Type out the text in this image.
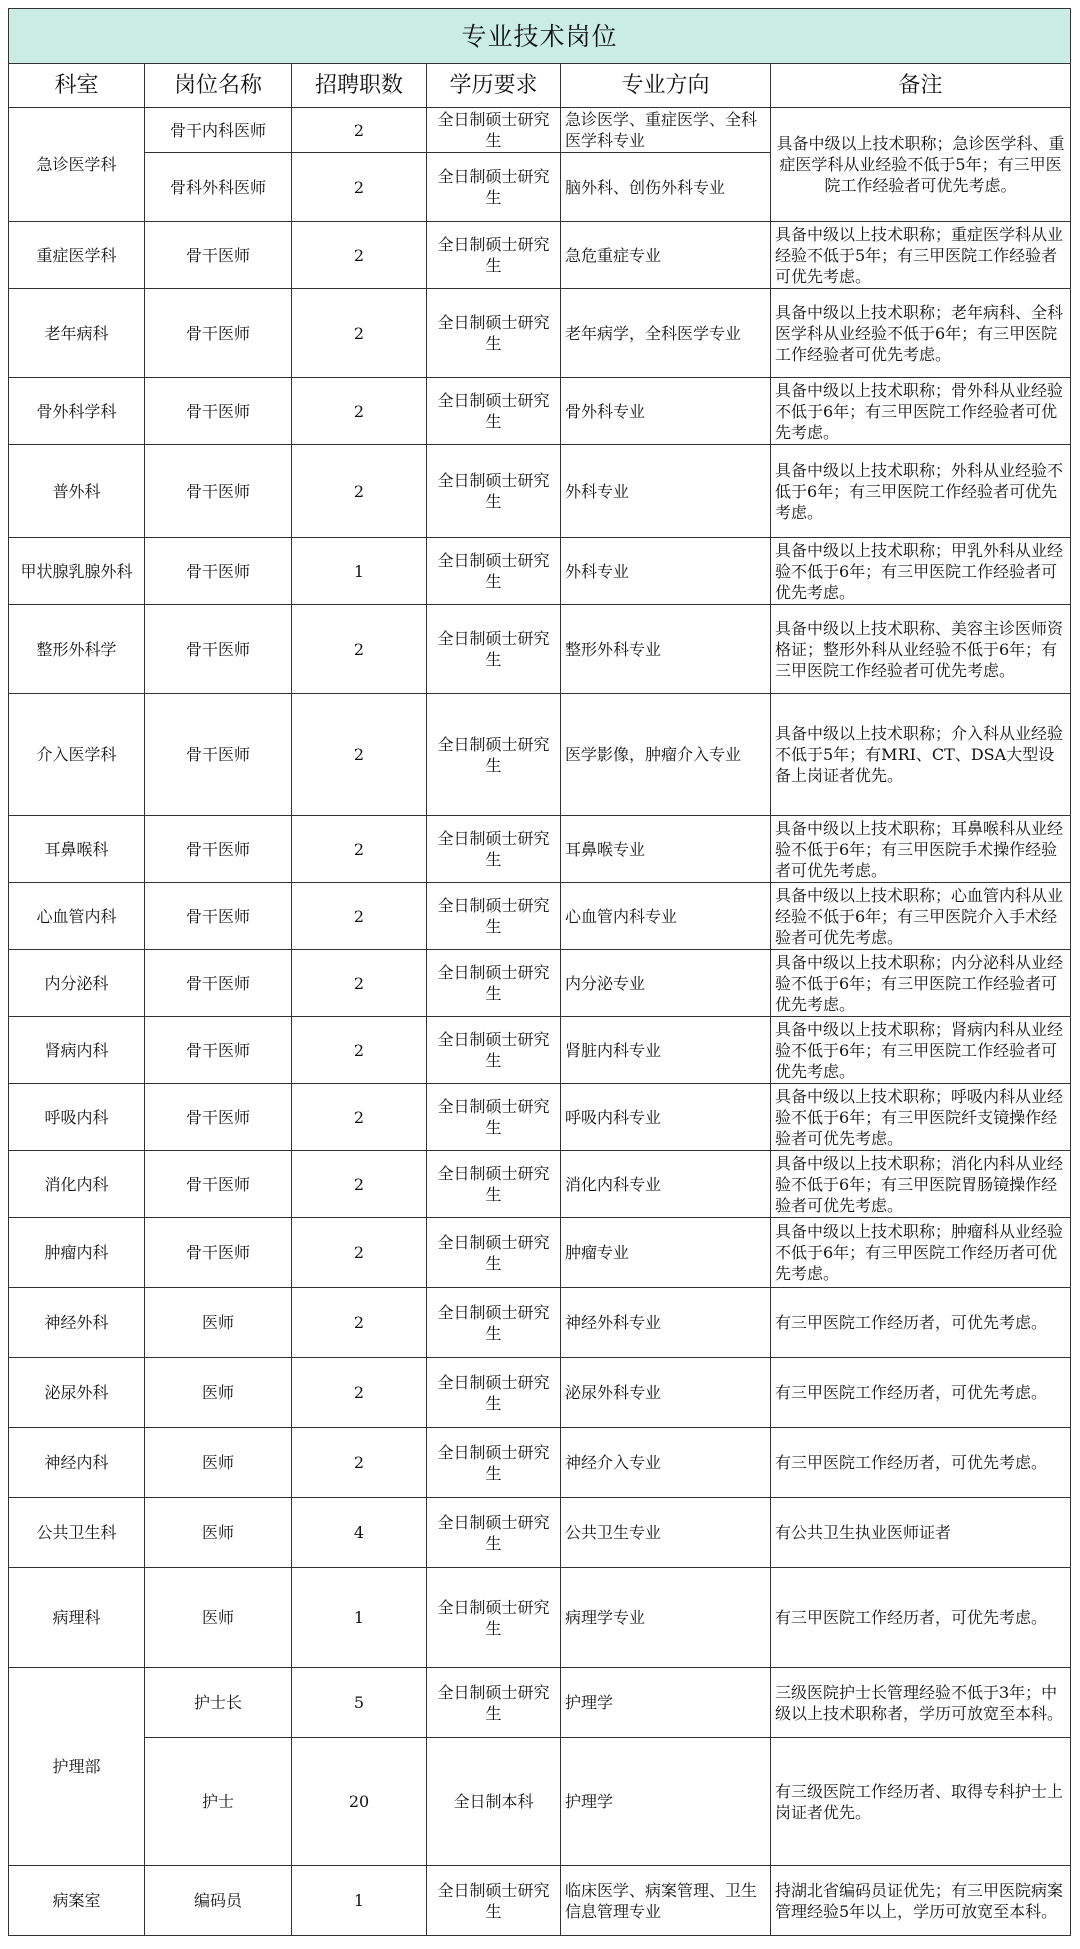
专业技术岗位					
科室	岗位名称	招聘职数	学历要求	专业方向	备注
急诊医学科	骨干内科医师	2	全日制硕士研究生	急诊医学、重症医学、全科医学科专业	具备中级以上技术职称；急诊医学科、重症医学科从业经验不低于5年；有三甲医院工作经验者可优先考虑。
	骨科外科医师	2	全日制硕士研究生	脑外科、创伤外科专业	
重症医学科	骨干医师	2	全日制硕士研究生	急危重症专业	具备中级以上技术职称；重症医学科从业经验不低于5年；有三甲医院工作经验者可优先考虑。
老年病科	骨干医师	2	全日制硕士研究生	老年病学，全科医学专业	具备中级以上技术职称；老年病科、全科医学科从业经验不低于6年；有三甲医院工作经验者可优先考虑。
骨外科学科	骨干医师	2	全日制硕士研究生	骨外科专业	具备中级以上技术职称；骨外科从业经验不低于6年；有三甲医院工作经验者可优先考虑。
普外科	骨干医师	2	全日制硕士研究生	外科专业	具备中级以上技术职称；外科从业经验不低于6年；有三甲医院工作经验者可优先考虑。
甲状腺乳腺外科	骨干医师	1	全日制硕士研究生	外科专业	具备中级以上技术职称；甲乳外科从业经验不低于6年；有三甲医院工作经验者可优先考虑。
整形外科学	骨干医师	2	全日制硕士研究生	整形外科专业	具备中级以上技术职称、美容主诊医师资格证；整形外科从业经验不低于6年；有三甲医院工作经验者可优先考虑。
介入医学科	骨干医师	2	全日制硕士研究生	医学影像，肿瘤介入专业	具备中级以上技术职称；介入科从业经验不低于5年；有MRI、CT、DSA大型设备上岗证者优先。
耳鼻喉科	骨干医师	2	全日制硕士研究生	耳鼻喉专业	具备中级以上技术职称；耳鼻喉科从业经验不低于6年；有三甲医院手术操作经验者可优先考虑。
心血管内科	骨干医师	2	全日制硕士研究生	心血管内科专业	具备中级以上技术职称；心血管内科从业经验不低于6年；有三甲医院介入手术经验者可优先考虑。
内分泌科	骨干医师	2	全日制硕士研究生	内分泌专业	具备中级以上技术职称；内分泌科从业经验不低于6年；有三甲医院工作经验者可优先考虑。
肾病内科	骨干医师	2	全日制硕士研究生	肾脏内科专业	具备中级以上技术职称；肾病内科从业经验不低于6年；有三甲医院工作经验者可优先考虑。
呼吸内科	骨干医师	2	全日制硕士研究生	呼吸内科专业	具备中级以上技术职称；呼吸内科从业经验不低于6年；有三甲医院纤支镜操作经验者可优先考虑。
消化内科	骨干医师	2	全日制硕士研究生	消化内科专业	具备中级以上技术职称；消化内科从业经验不低于6年；有三甲医院胃肠镜操作经验者可优先考虑。
肿瘤内科	骨干医师	2	全日制硕士研究生	肿瘤专业	具备中级以上技术职称；肿瘤科从业经验不低于6年；有三甲医院工作经历者可优先考虑。
神经外科	医师	2	全日制硕士研究生	神经外科专业	有三甲医院工作经历者，可优先考虑。
泌尿外科	医师	2	全日制硕士研究生	泌尿外科专业	有三甲医院工作经历者，可优先考虑。
神经内科	医师	2	全日制硕士研究生	神经介入专业	有三甲医院工作经历者，可优先考虑。
公共卫生科	医师	4	全日制硕士研究生	公共卫生专业	有公共卫生执业医师证者
病理科	医师	1	全日制硕士研究生	病理学专业	有三甲医院工作经历者，可优先考虑。
护理部	护士长	5	全日制硕士研究生	护理学	三级医院护士长管理经验不低于3年；中级以上技术职称者，学历可放宽至本科。
	护士	20	全日制本科	护理学	有三级医院工作经历者、取得专科护士上岗证者优先。
病案室	编码员	1	全日制硕士研究生	临床医学、病案管理、卫生信息管理专业	持湖北省编码员证优先；有三甲医院病案管理经验5年以上，学历可放宽至本科。
